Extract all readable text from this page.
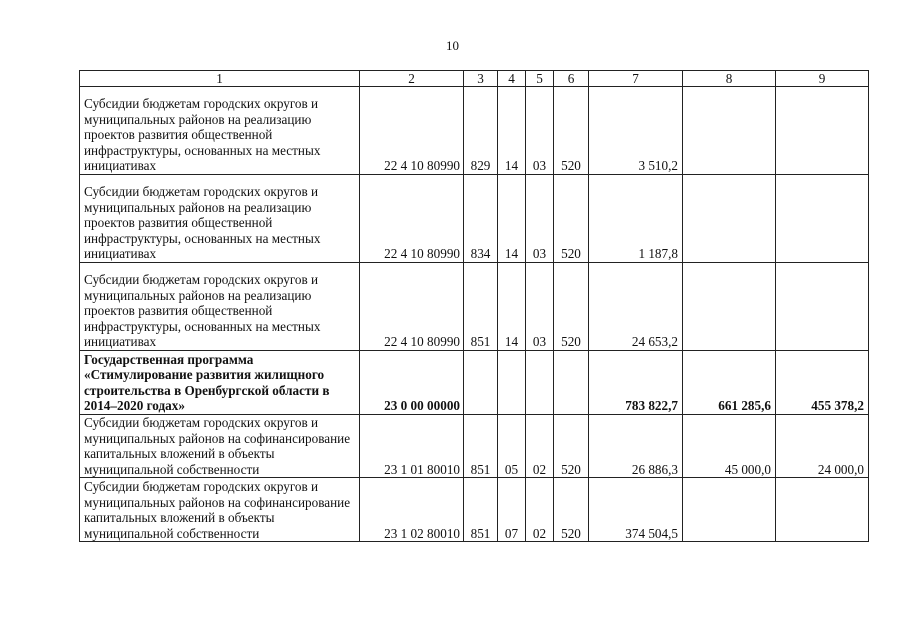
10
1	2	3	4	5	6	7	8	9
Субсидии бюджетам городских округов и муниципальных районов на реализацию проектов развития общественной инфраструктуры, основанных на местных инициативах	22 4 10 80990	829	14	03	520	3 510,2		
Субсидии бюджетам городских округов и муниципальных районов на реализацию проектов развития общественной инфраструктуры, основанных на местных инициативах	22 4 10 80990	834	14	03	520	1 187,8		
Субсидии бюджетам городских округов и муниципальных районов на реализацию проектов развития общественной инфраструктуры, основанных на местных инициативах	22 4 10 80990	851	14	03	520	24 653,2		
Государственная программа «Стимулирование развития жилищного строительства в Оренбургской области в 2014–2020 годах»	23 0 00 00000					783 822,7	661 285,6	455 378,2
Субсидии бюджетам городских округов и муниципальных районов на софинансирование капитальных вложений в объекты муниципальной собственности	23 1 01 80010	851	05	02	520	26 886,3	45 000,0	24 000,0
Субсидии бюджетам городских округов и муниципальных районов на софинансирование капитальных вложений в объекты муниципальной собственности	23 1 02 80010	851	07	02	520	374 504,5		
